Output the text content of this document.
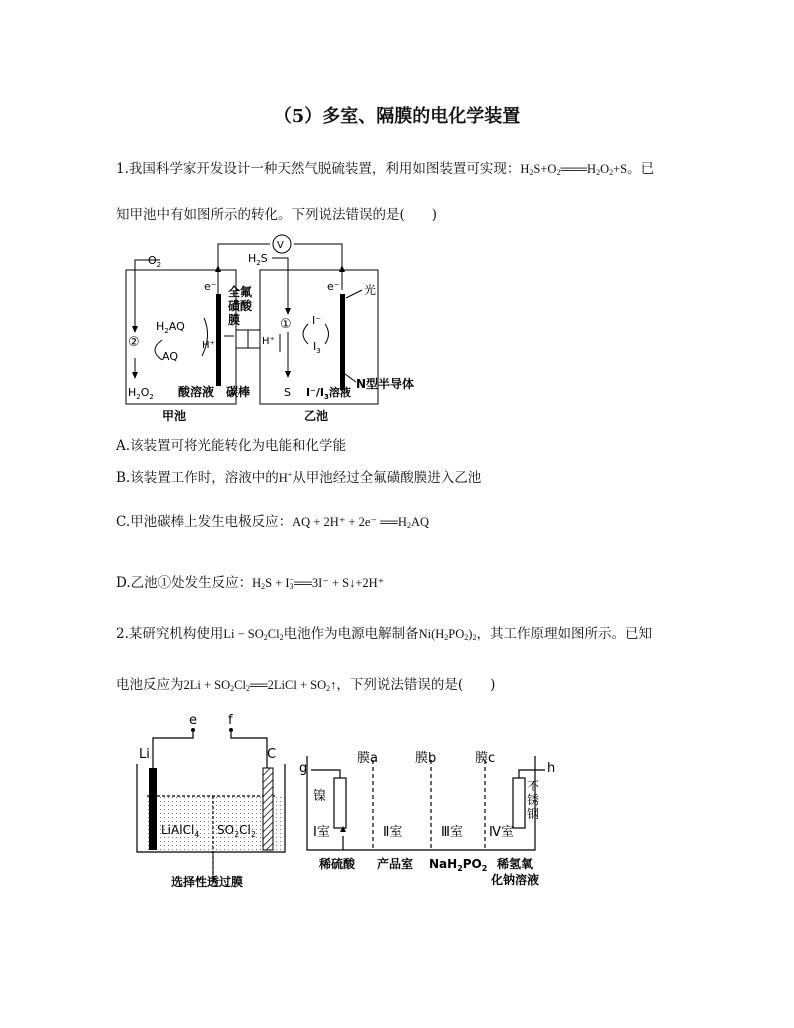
（5）多室、隔膜的电化学装置
1.我国科学家开发设计一种天然气脱硫装置，利用如图装置可实现：$H_2S+O_2═══H_2O_2+S$。已
知甲池中有如图所示的转化。下列说法错误的是(　　)
$O_2$
e⁻
V
$H_2S$
e⁻ 光
全氟
磺酸
膜
②
$H_2AQ$
AQ
H⁺	H⁺
① I⁻
$I_3$
$H_2O_2$ 酸溶液 碳棒	S $I^-/I_3$溶液
N型半导体
甲池	乙池
A.该装置可将光能转化为电能和化学能
B.该装置工作时，溶液中的H+从甲池经过全氟磺酸膜进入乙池
C.甲池碳棒上发生电极反应：AQ + 2H⁺ + 2e⁻ $══H_2AQ$
D.乙池①处发生反应：$H_2S$ + $I_3^-══3I^-$ + S↓+2H⁺
2.某研究机构使用$Li - SO_2Cl_2$电池作为电源电解制备$Ni(H_2PO_2)_2$，其工作原理如图所示。已知
电池反应为$2Li + SO_2Cl_2══2LiCl$ + $SO_2↑$，下列说法错误的是(　　)
e f
Li	C
LiAlCl$_4$ $SO_2Cl_2$
选择性透过膜
g	h
膜a	膜b	膜c
镍
Ⅰ室	Ⅱ室	Ⅲ室 Ⅳ室
不
锈
钢
稀硫酸 产品室 $NaH_2PO_2$ 稀氢氧
化钠溶液
